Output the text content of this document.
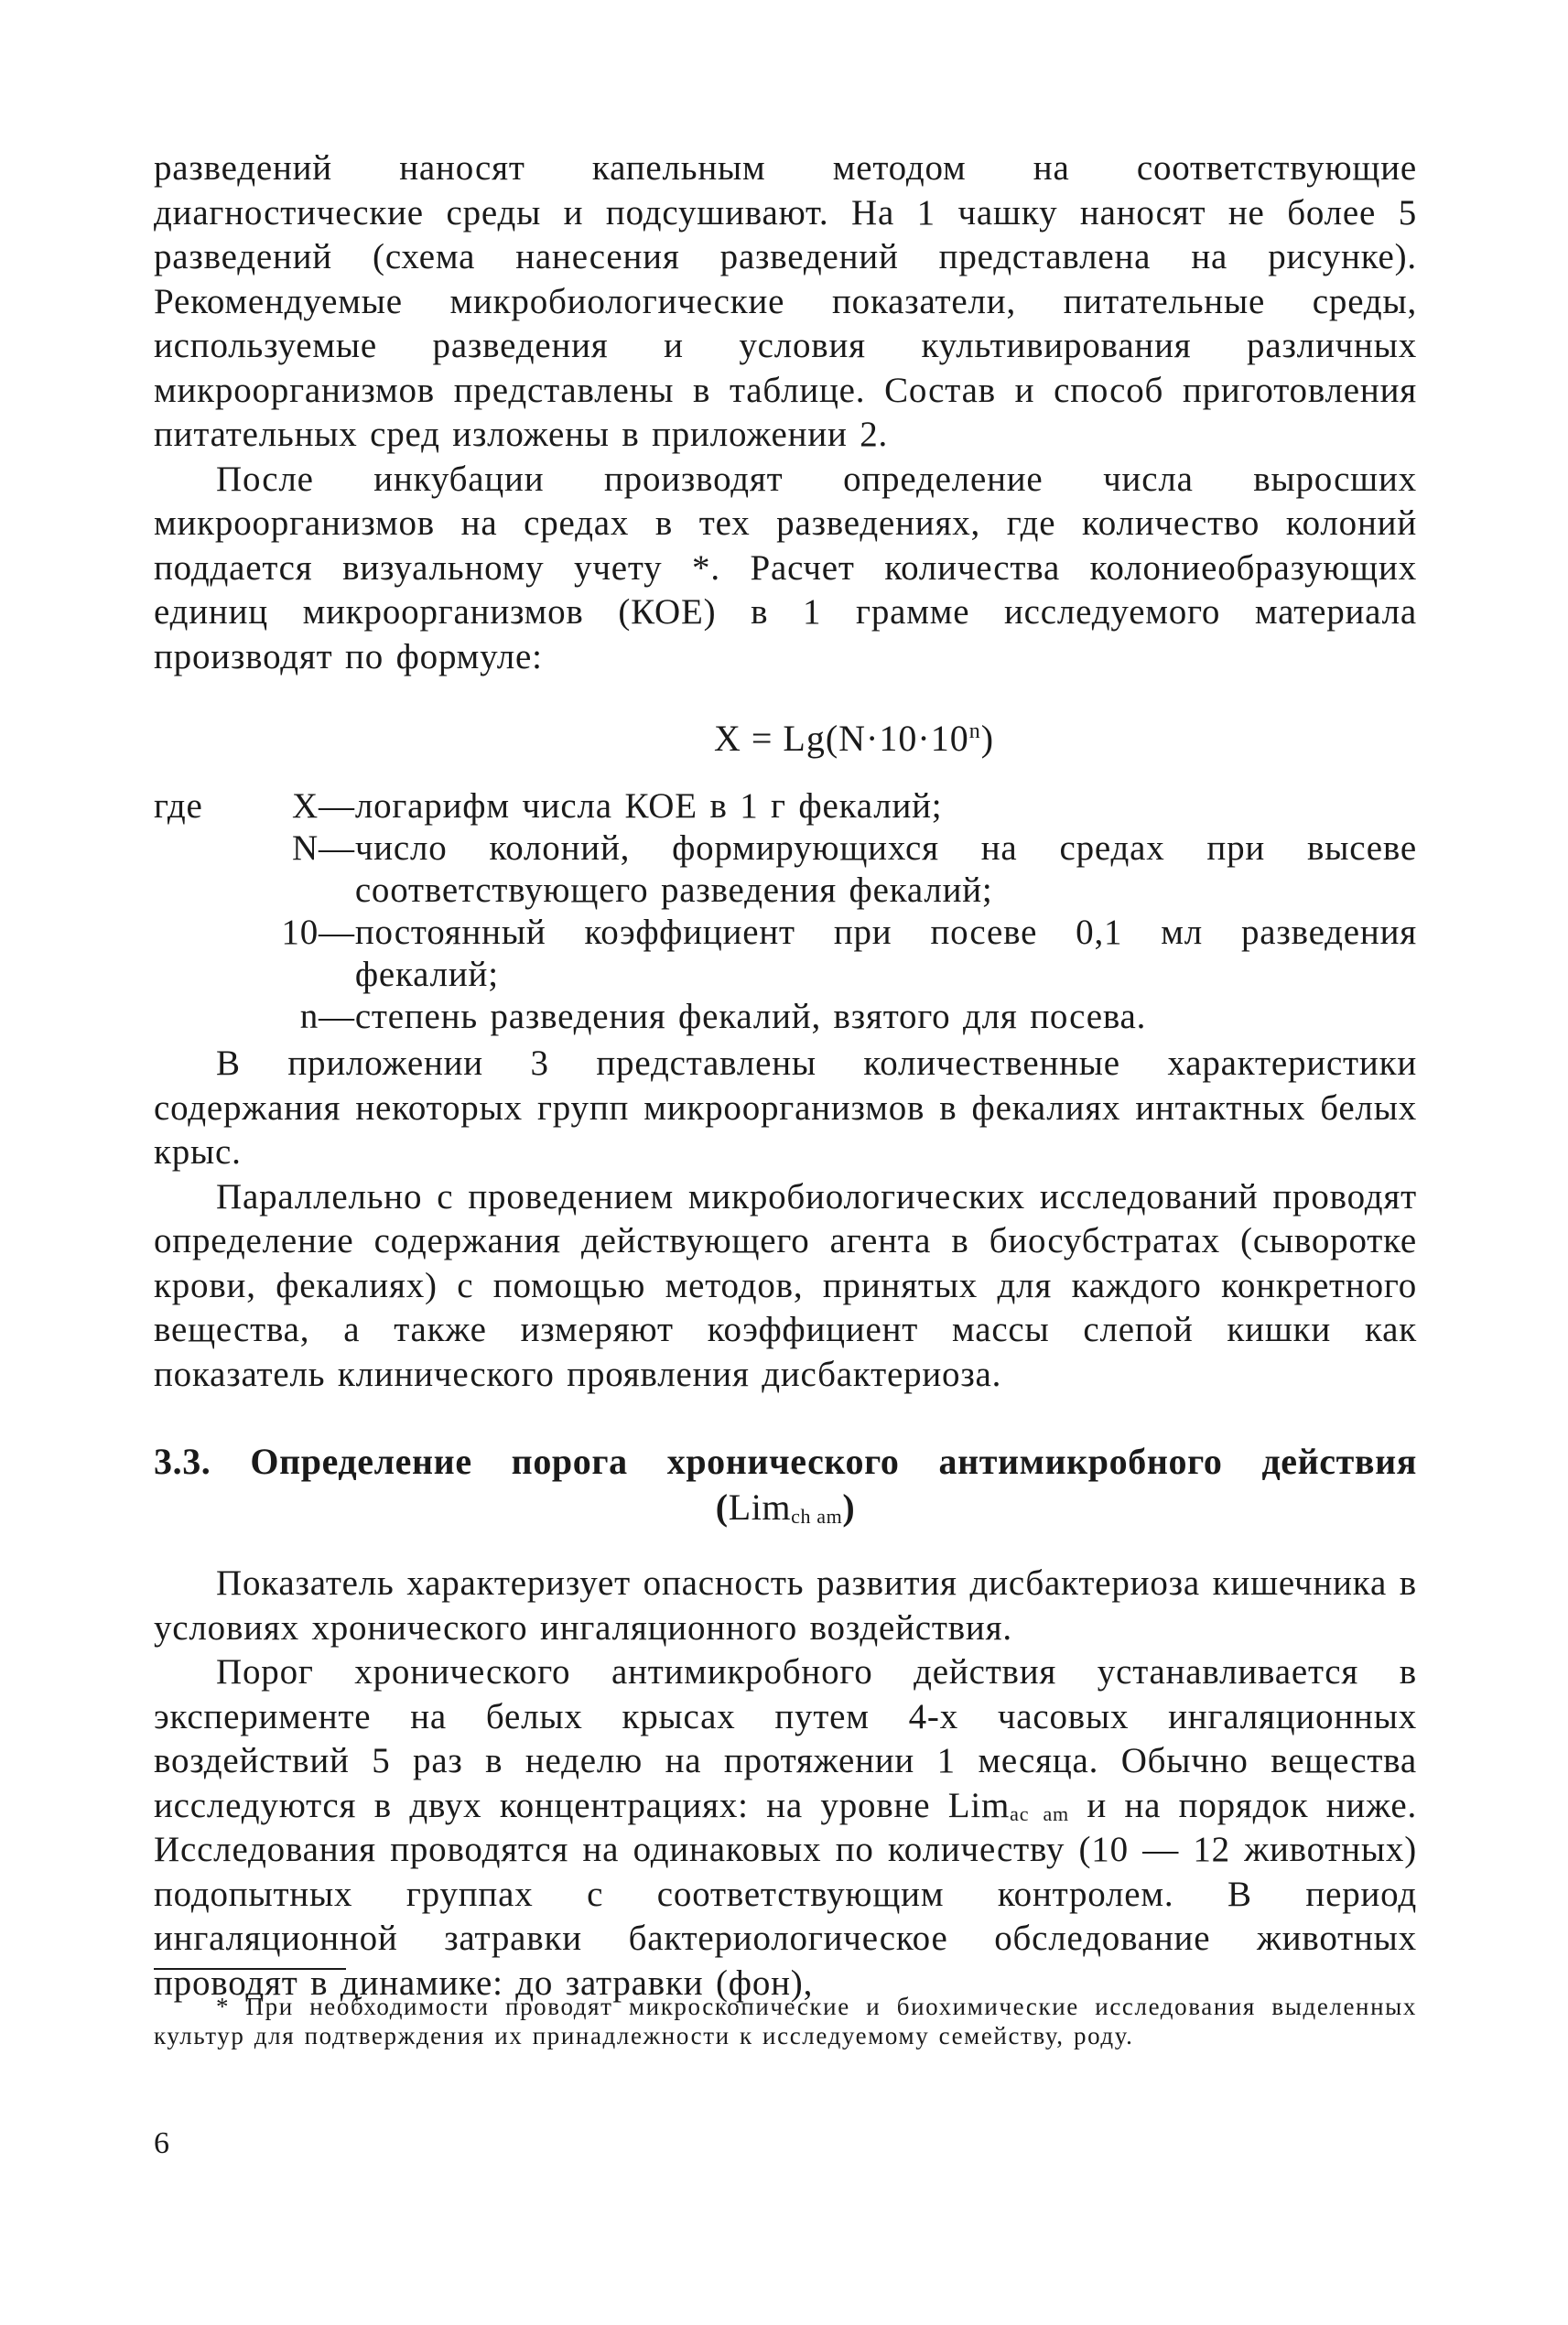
разведений наносят капельным методом на соответствующие диагностические среды и подсушивают. На 1 чашку наносят не более 5 разведений (схема нанесения разведений представлена на рисунке). Рекомендуемые микробиологические показатели, питательные среды, используемые разведения и условия культивирования различных микроорганизмов представлены в таблице. Состав и способ приготовления питательных сред изложены в приложении 2.

После инкубации производят определение числа выросших микроорганизмов на средах в тех разведениях, где количество колоний поддается визуальному учету *. Расчет количества колониеобразующих единиц микроорганизмов (КОЕ) в 1 грамме исследуемого материала производят по формуле:

$X = Lg(N\cdot 10\cdot 10^n)$
где X — логарифм числа КОЕ в 1 г фекалий;
N — число колоний, формирующихся на средах при высеве соответствующего разведения фекалий;
10 — постоянный коэффициент при посеве 0,1 мл разведения фекалий;
n — степень разведения фекалий, взятого для посева.

В приложении 3 представлены количественные характеристики содержания некоторых групп микроорганизмов в фекалиях интактных белых крыс.

Параллельно с проведением микробиологических исследований проводят определение содержания действующего агента в биосубстратах (сыворотке крови, фекалиях) с помощью методов, принятых для каждого конкретного вещества, а также измеряют коэффициент массы слепой кишки как показатель клинического проявления дисбактериоза.

3.3. Определение порога хронического антимикробного действия
(Lim$_{ch am}$)

Показатель характеризует опасность развития дисбактериоза кишечника в условиях хронического ингаляционного воздействия.

Порог хронического антимикробного действия устанавливается в эксперименте на белых крысах путем 4-х часовых ингаляционных воздействий 5 раз в неделю на протяжении 1 месяца. Обычно вещества исследуются в двух концентрациях: на уровне Lim$_{ac am}$ и на порядок ниже. Исследования проводятся на одинаковых по количеству (10 — 12 животных) подопытных группах с соответствующим контролем. В период ингаляционной затравки бактериологическое обследование животных проводят в динамике: до затравки (фон),

* При необходимости проводят микроскопические и биохимические исследования выделенных культур для подтверждения их принадлежности к исследуемому семейству, роду.

6
